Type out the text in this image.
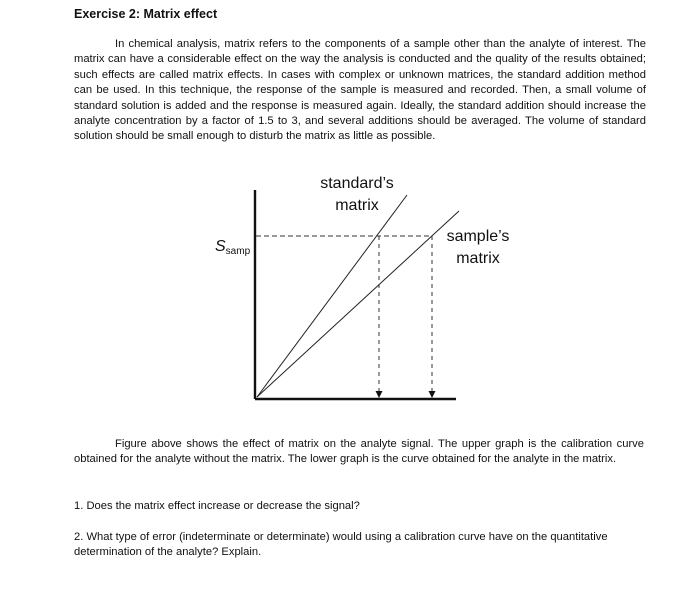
Exercise 2: Matrix effect
In chemical analysis, matrix refers to the components of a sample other than the analyte of interest. The matrix can have a considerable effect on the way the analysis is conducted and the quality of the results obtained; such effects are called matrix effects. In cases with complex or unknown matrices, the standard addition method can be used. In this technique, the response of the sample is measured and recorded. Then, a small volume of standard solution is added and the response is measured again. Ideally, the standard addition should increase the analyte concentration by a factor of 1.5 to 3, and several additions should be averaged. The volume of standard solution should be small enough to disturb the matrix as little as possible.
Ssamp
standard’s
matrix
sample’s
matrix
Figure above shows the effect of matrix on the analyte signal. The upper graph is the calibration curve obtained for the analyte without the matrix. The lower graph is the curve obtained for the analyte in the matrix.
1. Does the matrix effect increase or decrease the signal?
2. What type of error (indeterminate or determinate) would using a calibration curve have on the quantitative determination of the analyte? Explain.
